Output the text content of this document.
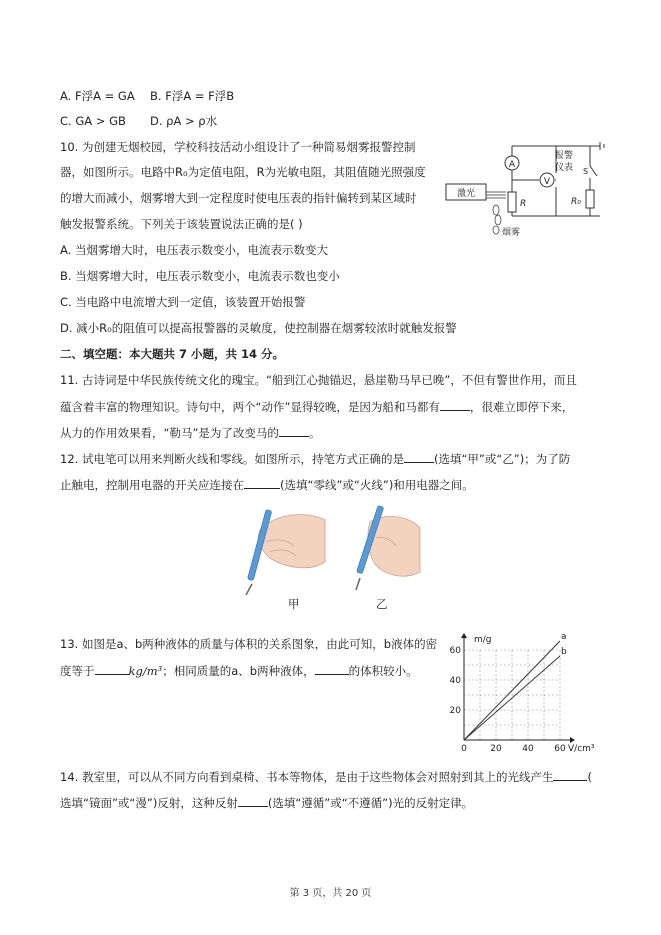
A. F浮A = GA B. F浮A = F浮B
C. GA > GB D. ρA > ρ水
10. 为创建无烟校园，学校科技活动小组设计了一种简易烟雾报警控制
器，如图所示。电路中R₀为定值电阻，R为光敏电阻，其阻值随光照强度
的增大而减小，烟雾增大到一定程度时使电压表的指针偏转到某区域时
触发报警系统。下列关于该装置说法正确的是( )
A. 当烟雾增大时，电压表示数变小，电流表示数变大
B. 当烟雾增大时，电压表示数变小，电流表示数也变小
C. 当电路中电流增大到一定值，该装置开始报警
D. 减小R₀的阻值可以提高报警器的灵敏度，使控制器在烟雾较浓时就触发报警
A
V
R	R₀
S
报警
仪表
激光
烟雾
二、填空题：本大题共 7 小题，共 14 分。
11. 古诗词是中华民族传统文化的瑰宝。“船到江心抛锚迟，悬崖勒马早已晚”，不但有警世作用，而且
蕴含着丰富的物理知识。诗句中，两个“动作”显得较晚，是因为船和马都有	，很难立即停下来，
从力的作用效果看，“勒马”是为了改变马的	。
12. 试电笔可以用来判断火线和零线。如图所示，持笔方式正确的是	(选填“甲”或“乙”)；为了防
止触电，控制用电器的开关应连接在	(选填“零线”或“火线”)和用电器之间。
甲	乙
13. 如图是a、b两种液体的质量与体积的关系图象，由此可知，b液体的密
度等于	kg/m³；相同质量的a、b两种液体，	的体积较小。
m/g
V/cm³
0	20 40 60
20
40
60
a
b
14. 教室里，可以从不同方向看到桌椅、书本等物体，是由于这些物体会对照射到其上的光线产生	(
选填“镜面”或“漫”)反射，这种反射	(选填“遵循”或“不遵循”)光的反射定律。
第 3 页，共 20 页
